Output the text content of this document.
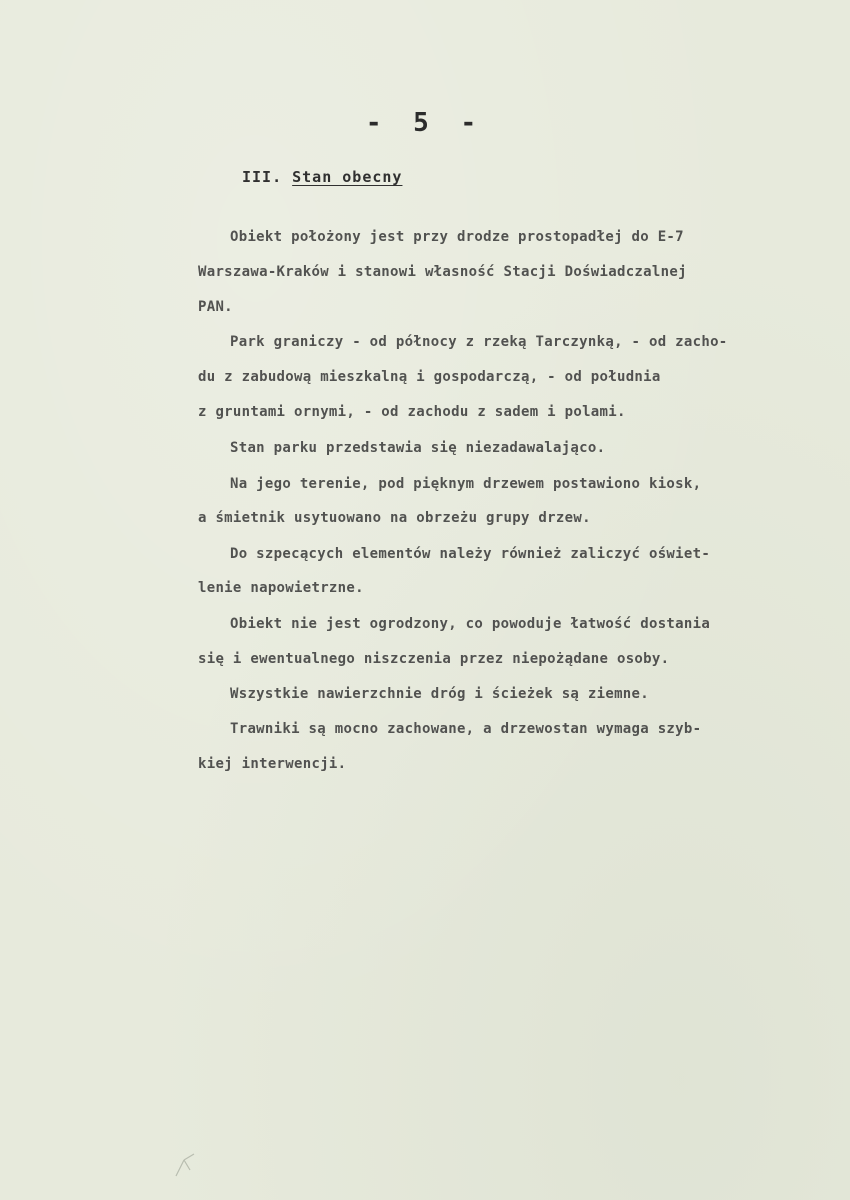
- 5 -
III. Stan obecny
Obiekt położony jest przy drodze prostopadłej do E-7
Warszawa-Kraków i stanowi własność Stacji Doświadczalnej
PAN.
Park graniczy - od północy z rzeką Tarczynką, - od zacho-
du z zabudową mieszkalną i gospodarczą, - od południa
z gruntami ornymi, - od zachodu z sadem i polami.
Stan parku przedstawia się niezadawalająco.
Na jego terenie, pod pięknym drzewem postawiono kiosk,
a śmietnik usytuowano na obrzeżu grupy drzew.
Do szpecących elementów należy również zaliczyć oświet-
lenie napowietrzne.
Obiekt nie jest ogrodzony, co powoduje łatwość dostania
się i ewentualnego niszczenia przez niepożądane osoby.
Wszystkie nawierzchnie dróg i ścieżek są ziemne.
Trawniki są mocno zachowane, a drzewostan wymaga szyb-
kiej interwencji.
